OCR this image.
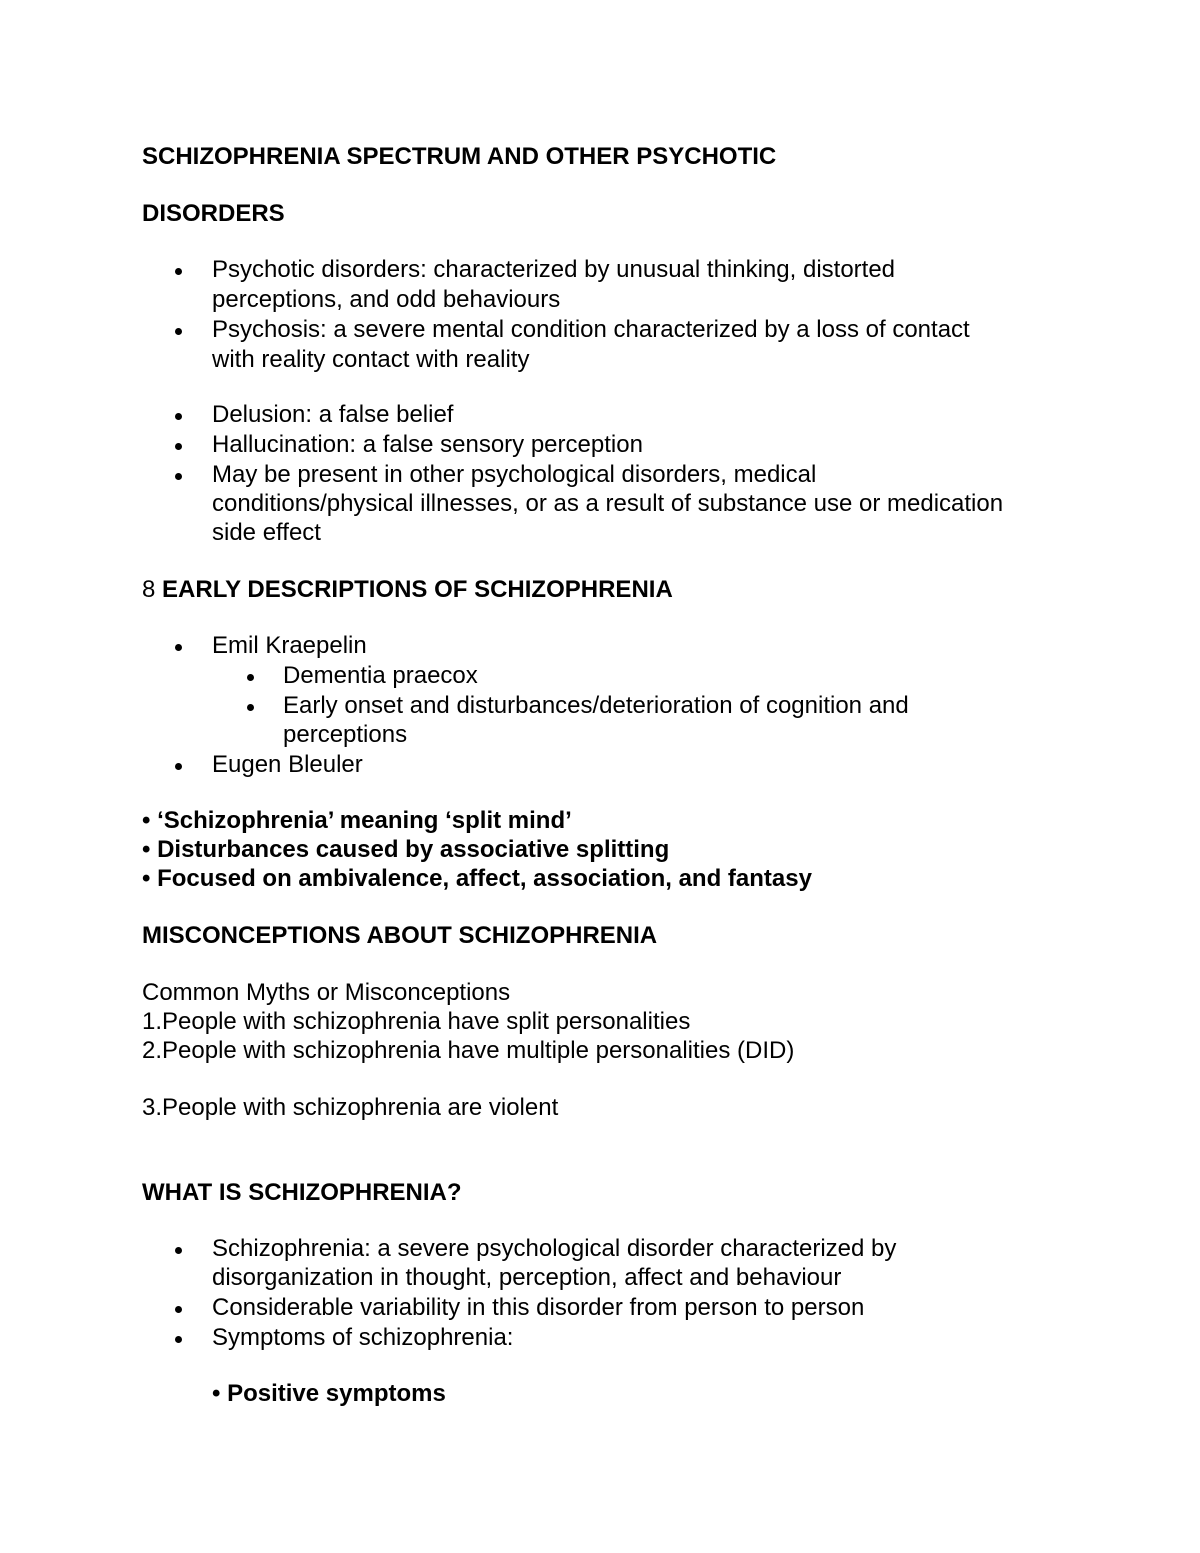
SCHIZOPHRENIA SPECTRUM AND OTHER PSYCHOTIC
DISORDERS
Psychotic disorders: characterized by unusual thinking, distorted
perceptions, and odd behaviours
Psychosis: a severe mental condition characterized by a loss of contact
with reality contact with reality
Delusion: a false belief
Hallucination: a false sensory perception
May be present in other psychological disorders, medical
conditions/physical illnesses, or as a result of substance use or medication
side effect
8 EARLY DESCRIPTIONS OF SCHIZOPHRENIA
Emil Kraepelin
Dementia praecox
Early onset and disturbances/deterioration of cognition and
perceptions
Eugen Bleuler
• ‘Schizophrenia’ meaning ‘split mind’
• Disturbances caused by associative splitting
• Focused on ambivalence, affect, association, and fantasy
MISCONCEPTIONS ABOUT SCHIZOPHRENIA
Common Myths or Misconceptions
1.People with schizophrenia have split personalities
2.People with schizophrenia have multiple personalities (DID)
3.People with schizophrenia are violent
WHAT IS SCHIZOPHRENIA?
Schizophrenia: a severe psychological disorder characterized by
disorganization in thought, perception, affect and behaviour
Considerable variability in this disorder from person to person
Symptoms of schizophrenia:
• Positive symptoms
